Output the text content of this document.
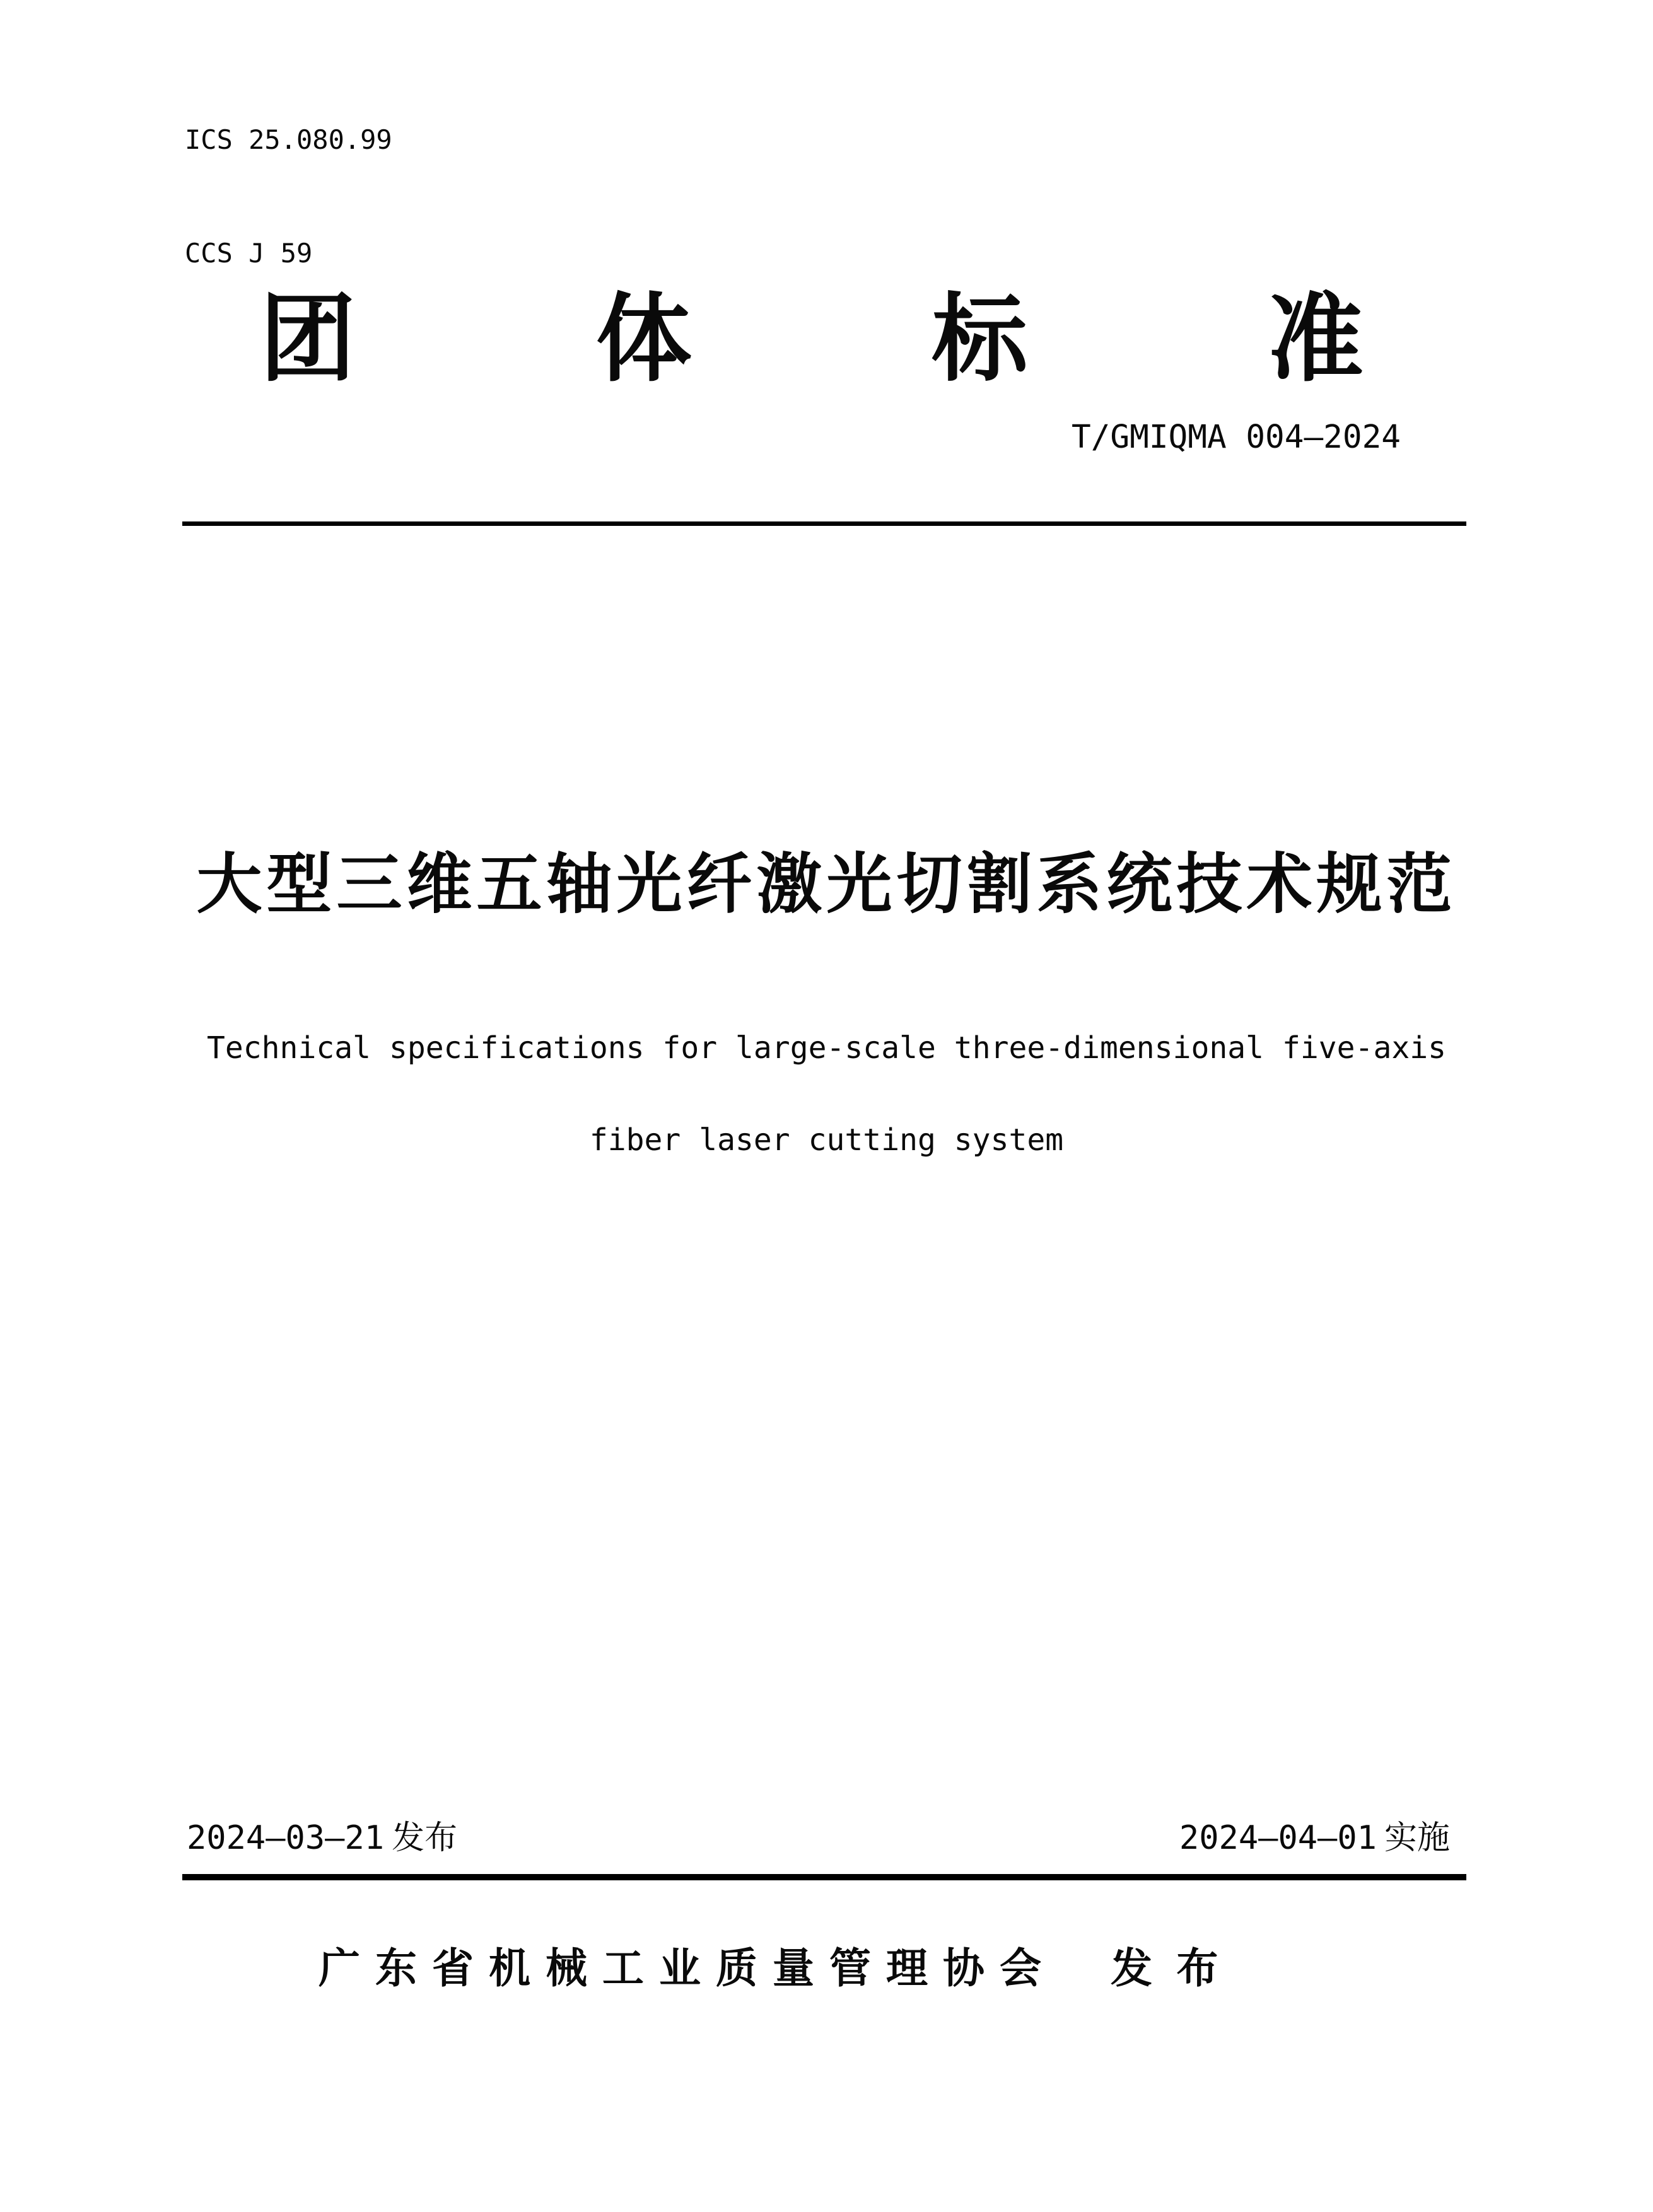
ICS 25.080.99

CCS J 59

团	体	标	准
T/GMIQMA 004—2024
大型三维五轴光纤激光切割系统技术规范
Technical specifications for large-scale three-dimensional five-axis
fiber laser cutting system
2024—03—21 发布	2024—04—01 实施
广东省机械工业质量管理协会 发 布
